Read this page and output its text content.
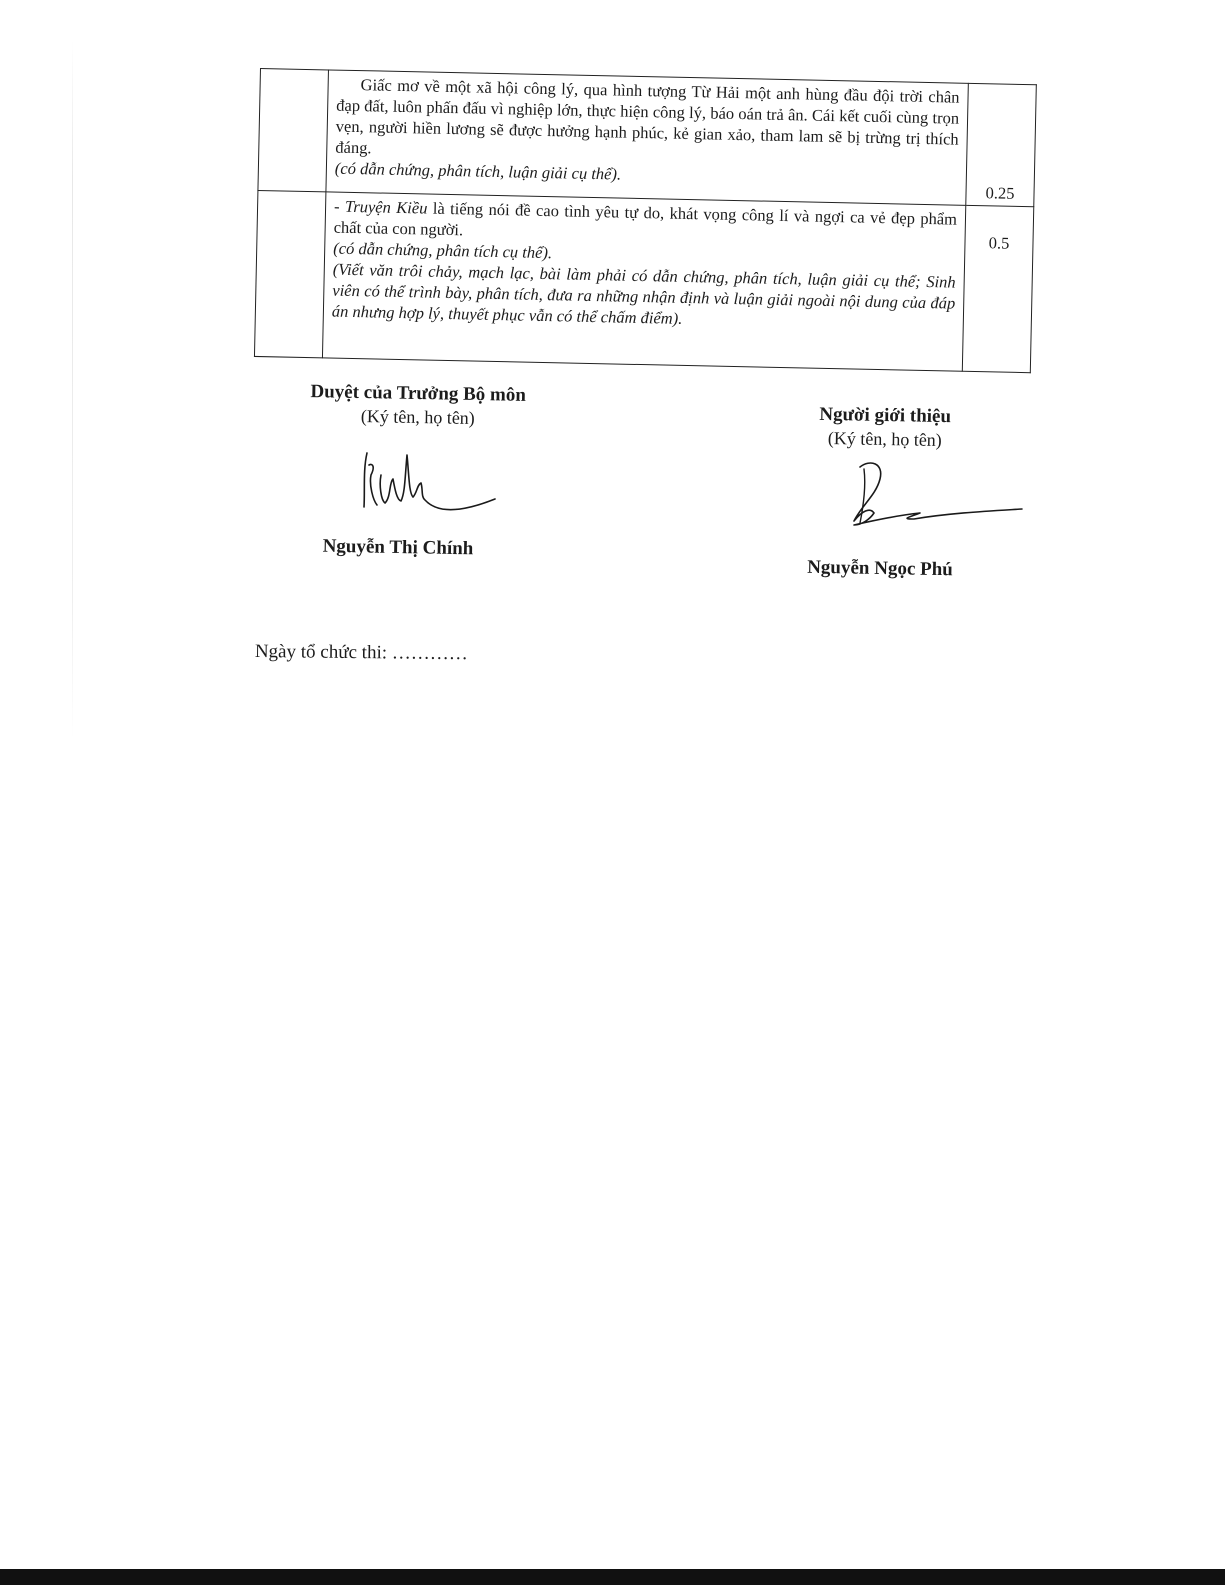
	Giấc mơ về một xã hội công lý, qua hình tượng Từ Hải một anh hùng đầu đội trời chân đạp đất, luôn phấn đấu vì nghiệp lớn, thực hiện công lý, báo oán trả ân. Cái kết cuối cùng trọn vẹn, người hiền lương sẽ được hưởng hạnh phúc, kẻ gian xảo, tham lam sẽ bị trừng trị thích đáng.

(có dẫn chứng, phân tích, luận giải cụ thể).	0.25

	- Truyện Kiều là tiếng nói đề cao tình yêu tự do, khát vọng công lí và ngợi ca vẻ đẹp phẩm chất của con người.

(có dẫn chứng, phân tích cụ thể).

(Viết văn trôi chảy, mạch lạc, bài làm phải có dẫn chứng, phân tích, luận giải cụ thể; Sinh viên có thể trình bày, phân tích, đưa ra những nhận định và luận giải ngoài nội dung của đáp án nhưng hợp lý, thuyết phục vẫn có thể chấm điểm).	0.5
Duyệt của Trưởng Bộ môn
(Ký tên, họ tên)
Nguyễn Thị Chính
Người giới thiệu
(Ký tên, họ tên)
Nguyễn Ngọc Phú
Ngày tổ chức thi: …………
